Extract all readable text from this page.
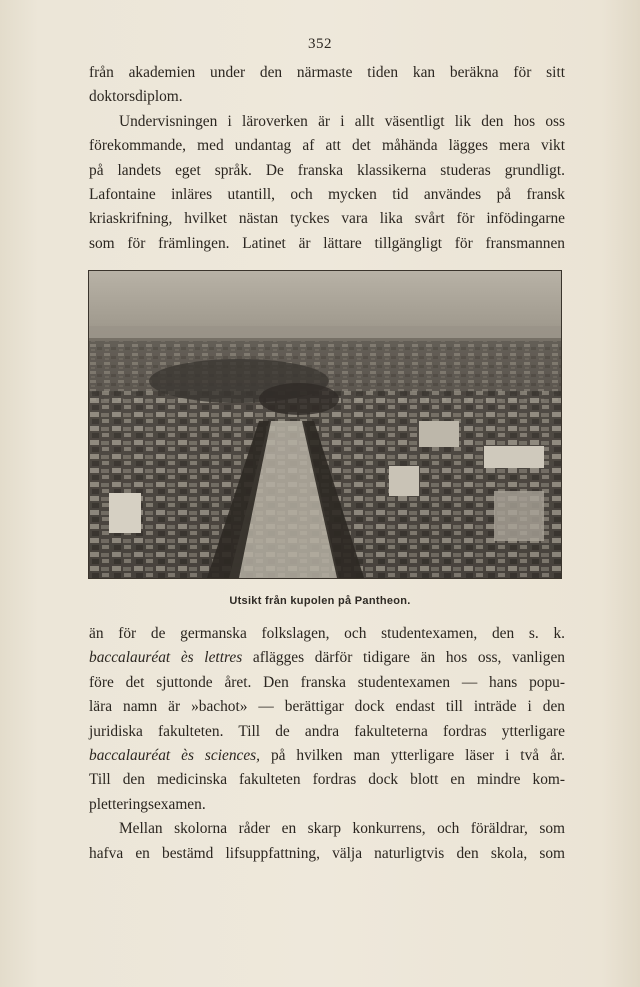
352

från akademien under den närmaste tiden kan beräkna för sitt
doktorsdiplom.

Undervisningen i läroverken är i allt väsentligt lik den hos oss
förekommande, med undantag af att det måhända lägges mera vikt
på landets eget språk. De franska klassikerna studeras grundligt.
Lafontaine inläres utantill, och mycken tid användes på fransk
kriaskrifning, hvilket nästan tyckes vara lika svårt för infödingarne
som för främlingen. Latinet är lättare tillgängligt för fransmannen

Utsikt från kupolen på Pantheon.

än för de germanska folkslagen, och studentexamen, den s. k.
baccalauréat ès lettres aflägges därför tidigare än hos oss, vanligen
före det sjuttonde året. Den franska studentexamen — hans popu-
lära namn är »bachot» — berättigar dock endast till inträde i den
juridiska fakulteten. Till de andra fakulteterna fordras ytterligare
baccalauréat ès sciences, på hvilken man ytterligare läser i två år.
Till den medicinska fakulteten fordras dock blott en mindre kom-
pletteringsexamen.

Mellan skolorna råder en skarp konkurrens, och föräldrar, som
hafva en bestämd lifsuppfattning, välja naturligtvis den skola, som
